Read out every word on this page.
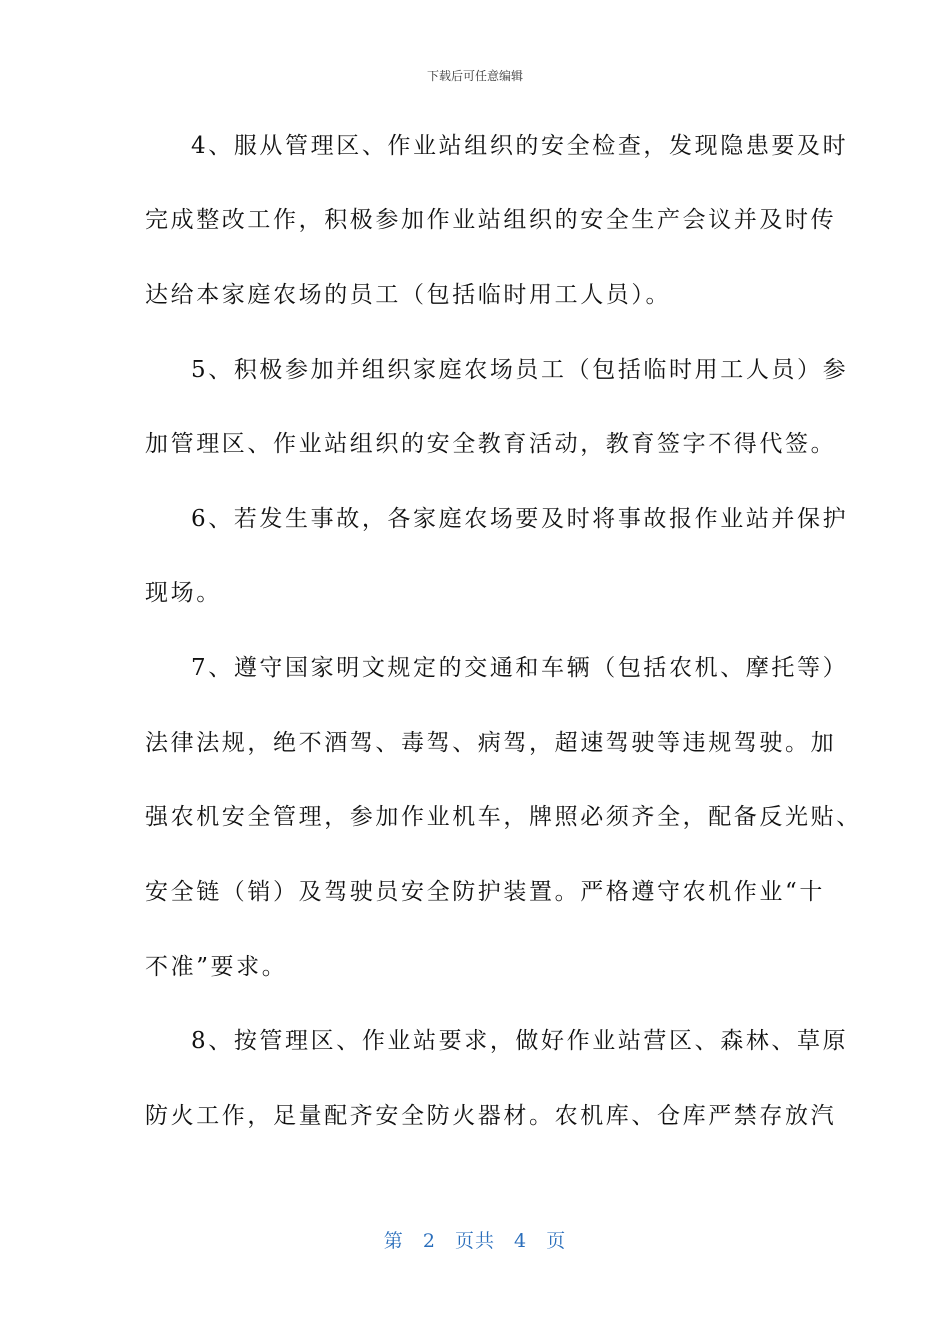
下载后可任意编辑
4、服从管理区、作业站组织的安全检查，发现隐患要及时
完成整改工作，积极参加作业站组织的安全生产会议并及时传
达给本家庭农场的员工（包括临时用工人员）。
5、积极参加并组织家庭农场员工（包括临时用工人员）参
加管理区、作业站组织的安全教育活动，教育签字不得代签。
6、若发生事故，各家庭农场要及时将事故报作业站并保护
现场。
7、遵守国家明文规定的交通和车辆（包括农机、摩托等）
法律法规，绝不酒驾、毒驾、病驾，超速驾驶等违规驾驶。加
强农机安全管理，参加作业机车，牌照必须齐全，配备反光贴、
安全链（销）及驾驶员安全防护装置。严格遵守农机作业“十
不准”要求。
8、按管理区、作业站要求，做好作业站营区、森林、草原
防火工作，足量配齐安全防火器材。农机库、仓库严禁存放汽
第 2 页共 4 页
